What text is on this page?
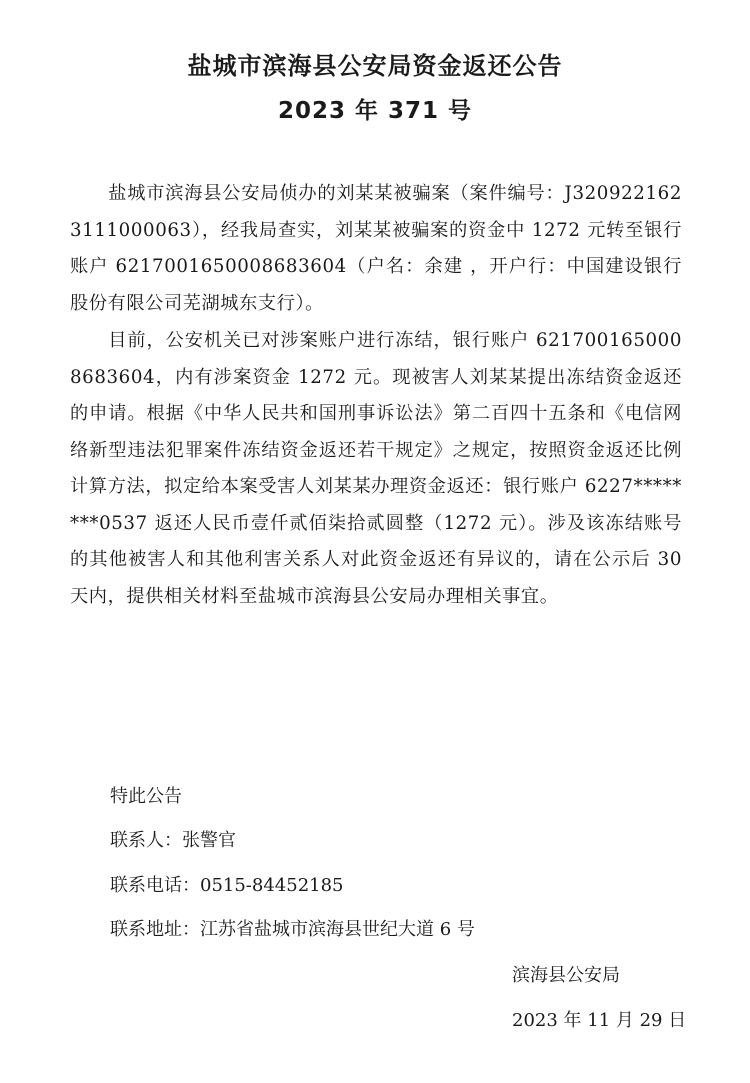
盐城市滨海县公安局资金返还公告
2023 年 371 号

盐城市滨海县公安局侦办的刘某某被骗案（案件编号：J3209221623111000063），经我局查实，刘某某被骗案的资金中 1272 元转至银行账户 6217001650008683604（户名：余建 ，开户行：中国建设银行股份有限公司芜湖城东支行）。

目前，公安机关已对涉案账户进行冻结，银行账户 6217001650008683604，内有涉案资金 1272 元。现被害人刘某某提出冻结资金返还的申请。根据《中华人民共和国刑事诉讼法》第二百四十五条和《电信网络新型违法犯罪案件冻结资金返还若干规定》之规定，按照资金返还比例计算方法，拟定给本案受害人刘某某办理资金返还：银行账户 6227********0537 返还人民币壹仟贰佰柒拾贰圆整（1272 元）。涉及该冻结账号的其他被害人和其他利害关系人对此资金返还有异议的，请在公示后 30 天内，提供相关材料至盐城市滨海县公安局办理相关事宜。

特此公告

联系人：张警官

联系电话：0515-84452185

联系地址：江苏省盐城市滨海县世纪大道 6 号

滨海县公安局

2023 年 11 月 29 日
